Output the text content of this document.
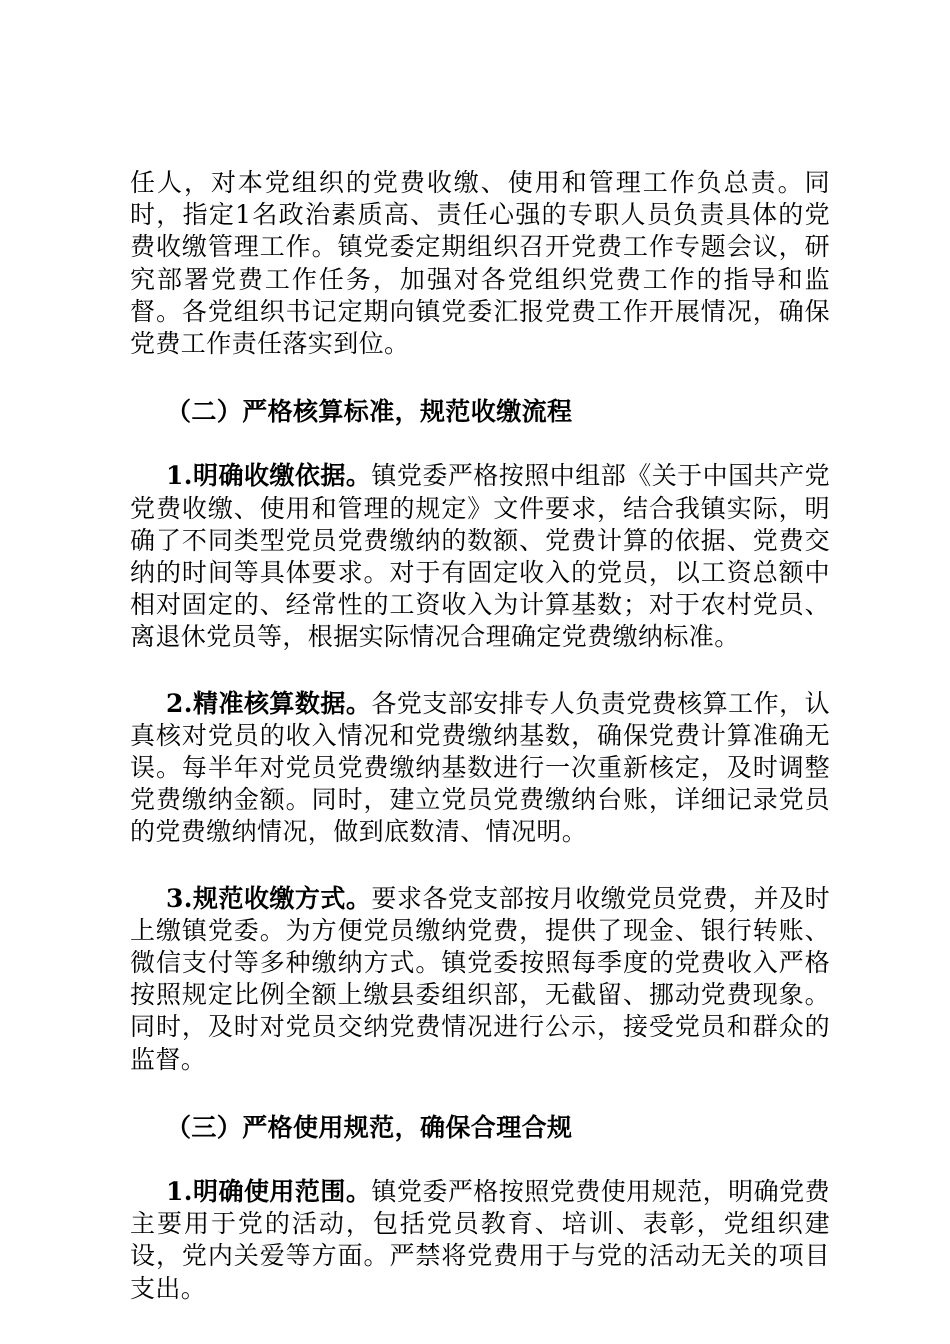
任人，对本党组织的党费收缴、使用和管理工作负总责。同时，指定1名政治素质高、责任心强的专职人员负责具体的党费收缴管理工作。镇党委定期组织召开党费工作专题会议，研究部署党费工作任务，加强对各党组织党费工作的指导和监督。各党组织书记定期向镇党委汇报党费工作开展情况，确保党费工作责任落实到位。

（二）严格核算标准，规范收缴流程

1.明确收缴依据。镇党委严格按照中组部《关于中国共产党党费收缴、使用和管理的规定》文件要求，结合我镇实际，明确了不同类型党员党费缴纳的数额、党费计算的依据、党费交纳的时间等具体要求。对于有固定收入的党员，以工资总额中相对固定的、经常性的工资收入为计算基数；对于农村党员、离退休党员等，根据实际情况合理确定党费缴纳标准。

2.精准核算数据。各党支部安排专人负责党费核算工作，认真核对党员的收入情况和党费缴纳基数，确保党费计算准确无误。每半年对党员党费缴纳基数进行一次重新核定，及时调整党费缴纳金额。同时，建立党员党费缴纳台账，详细记录党员的党费缴纳情况，做到底数清、情况明。

3.规范收缴方式。要求各党支部按月收缴党员党费，并及时上缴镇党委。为方便党员缴纳党费，提供了现金、银行转账、微信支付等多种缴纳方式。镇党委按照每季度的党费收入严格按照规定比例全额上缴县委组织部，无截留、挪动党费现象。同时，及时对党员交纳党费情况进行公示，接受党员和群众的监督。

（三）严格使用规范，确保合理合规

1.明确使用范围。镇党委严格按照党费使用规范，明确党费主要用于党的活动，包括党员教育、培训、表彰，党组织建设，党内关爱等方面。严禁将党费用于与党的活动无关的项目支出。
